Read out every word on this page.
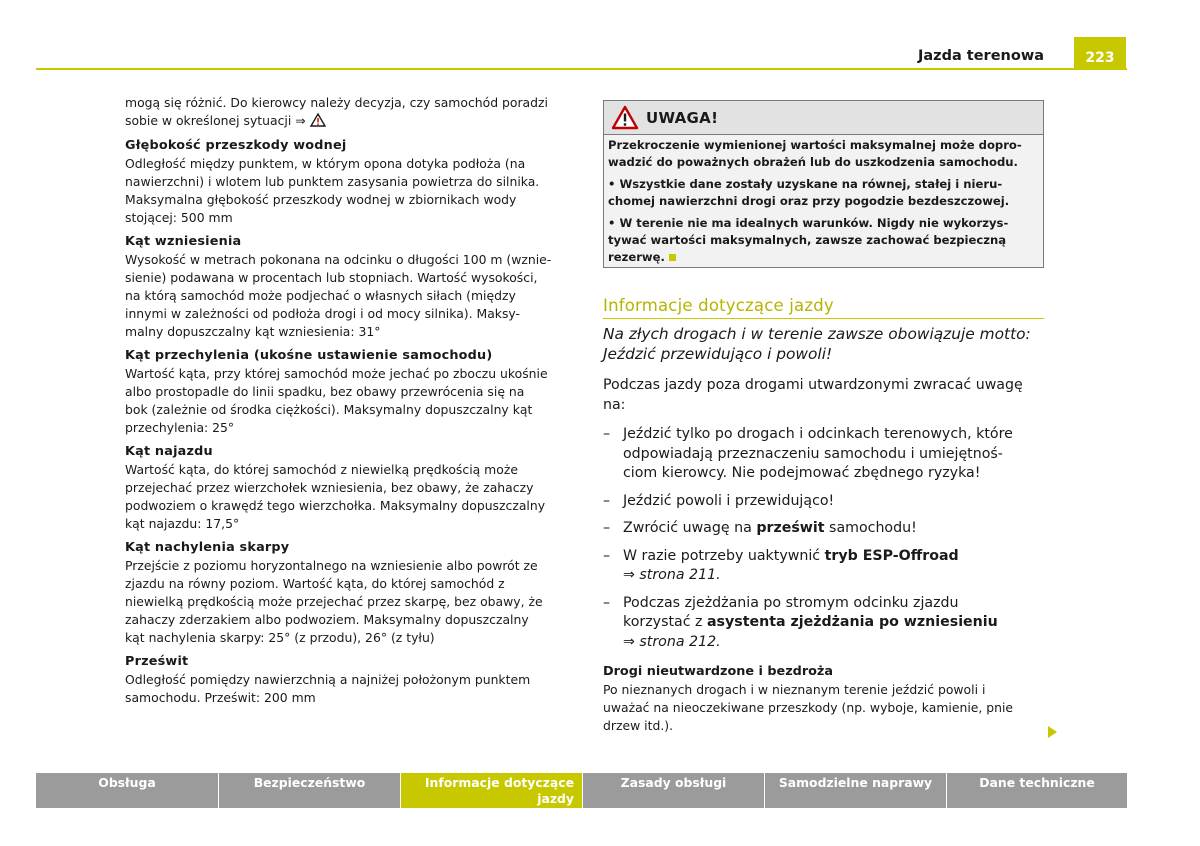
Jazda terenowa	223

mogą się różnić. Do kierowcy należy decyzja, czy samochód poradzi

sobie w określonej sytuacji ⇒

Głębokość przeszkody wodnej

Odległość między punktem, w którym opona dotyka podłoża (na

nawierzchni) i wlotem lub punktem zasysania powietrza do silnika.

Maksymalna głębokość przeszkody wodnej w zbiornikach wody

stojącej: 500 mm

Kąt wzniesienia

Wysokość w metrach pokonana na odcinku o długości 100 m (wznie-

sienie) podawana w procentach lub stopniach. Wartość wysokości,

na którą samochód może podjechać o własnych siłach (między

innymi w zależności od podłoża drogi i od mocy silnika). Maksy-

malny dopuszczalny kąt wzniesienia: 31°

Kąt przechylenia (ukośne ustawienie samochodu)

Wartość kąta, przy której samochód może jechać po zboczu ukośnie

albo prostopadle do linii spadku, bez obawy przewrócenia się na

bok (zależnie od środka ciężkości). Maksymalny dopuszczalny kąt

przechylenia: 25°

Kąt najazdu

Wartość kąta, do której samochód z niewielką prędkością może

przejechać przez wierzchołek wzniesienia, bez obawy, że zahaczy

podwoziem o krawędź tego wierzchołka. Maksymalny dopuszczalny

kąt najazdu: 17,5°

Kąt nachylenia skarpy

Przejście z poziomu horyzontalnego na wzniesienie albo powrót ze

zjazdu na równy poziom. Wartość kąta, do której samochód z

niewielką prędkością może przejechać przez skarpę, bez obawy, że

zahaczy zderzakiem albo podwoziem. Maksymalny dopuszczalny

kąt nachylenia skarpy: 25° (z przodu), 26° (z tyłu)

Prześwit

Odległość pomiędzy nawierzchnią a najniżej położonym punktem

samochodu. Prześwit: 200 mm

UWAGA!

Przekroczenie wymienionej wartości maksymalnej może dopro-

wadzić do poważnych obrażeń lub do uszkodzenia samochodu.

• Wszystkie dane zostały uzyskane na równej, stałej i nieru-

chomej nawierzchni drogi oraz przy pogodzie bezdeszczowej.

• W terenie nie ma idealnych warunków. Nigdy nie wykorzys-

tywać wartości maksymalnych, zawsze zachować bezpieczną

rezerwę.

Informacje dotyczące jazdy

Na złych drogach i w terenie zawsze obowiązuje motto:

Jeździć przewidująco i powoli!

Podczas jazdy poza drogami utwardzonymi zwracać uwagę

na:

– Jeździć tylko po drogach i odcinkach terenowych, które

odpowiadają przeznaczeniu samochodu i umiejętnoś-

ciom kierowcy. Nie podejmować zbędnego ryzyka!

– Jeździć powoli i przewidująco!

– Zwrócić uwagę na prześwit samochodu!

– W razie potrzeby uaktywnić tryb ESP-Offroad

⇒ strona 211.

– Podczas zjeżdżania po stromym odcinku zjazdu

korzystać z asystenta zjeżdżania po wzniesieniu

⇒ strona 212.

Drogi nieutwardzone i bezdroża

Po nieznanych drogach i w nieznanym terenie jeździć powoli i

uważać na nieoczekiwane przeszkody (np. wyboje, kamienie, pnie

drzew itd.).

Obsługa	Bezpieczeństwo	Informacje dotyczące
jazdy
Zasady obsługi	Samodzielne naprawy	Dane techniczne
